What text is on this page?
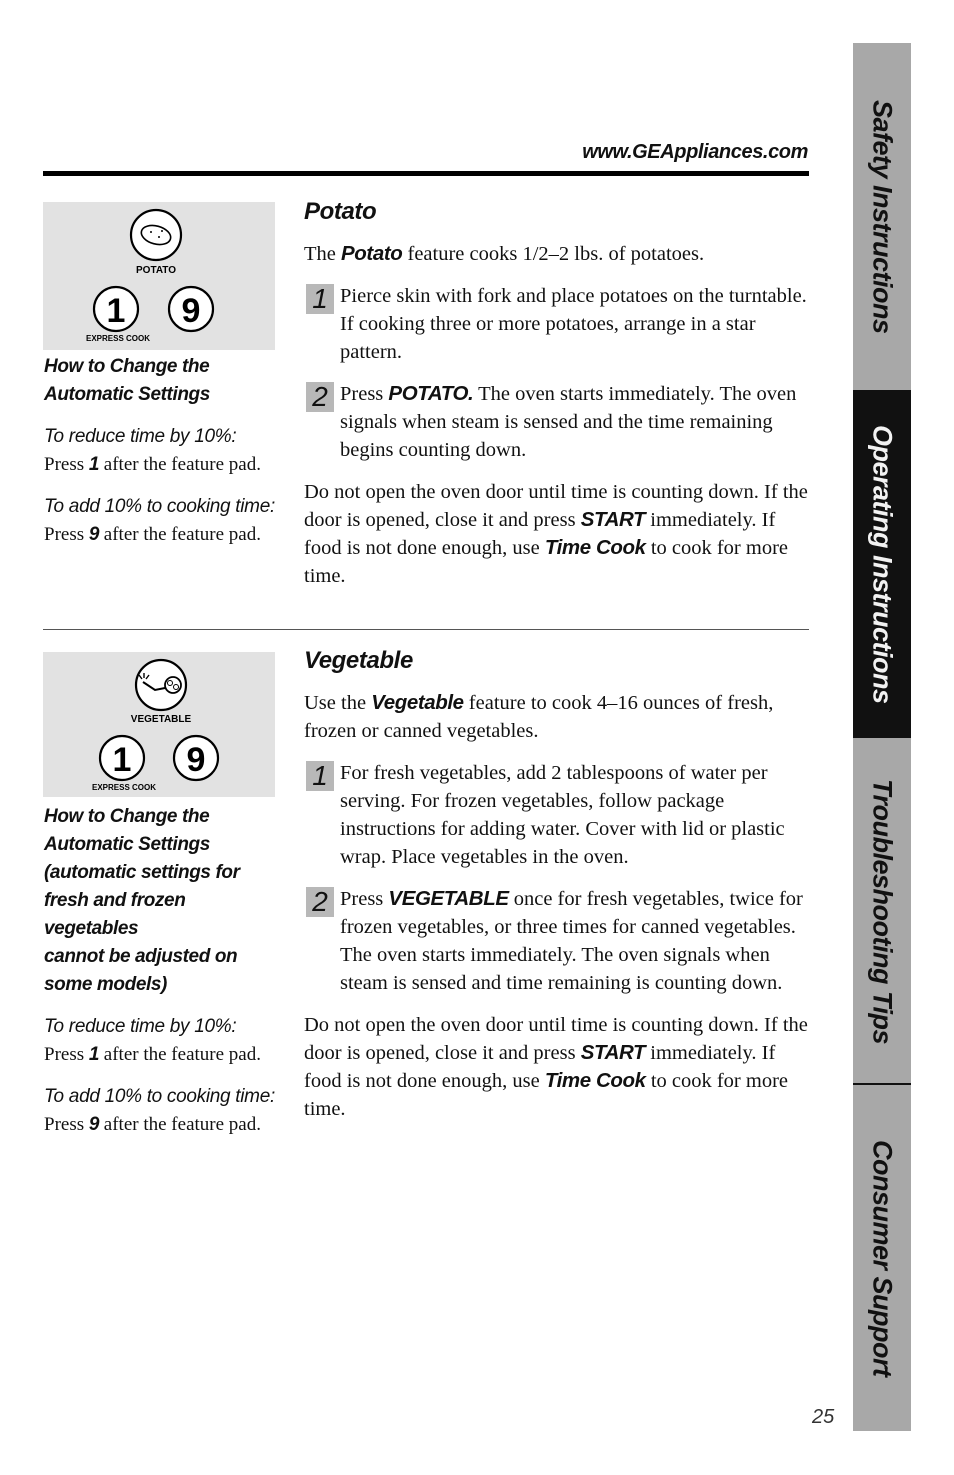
www.GEAppliances.com
POTATO
1 9
EXPRESS COOK

How to Change the
Automatic Settings

To reduce time by 10%:

Press 1 after the feature pad.

To add 10% to cooking time:

Press 9 after the feature pad.

Potato

The Potato feature cooks 1/2–2 lbs. of potatoes.

1 Pierce skin with fork and place potatoes on the turntable. If cooking three or more potatoes, arrange in a star pattern.

2 Press POTATO. The oven starts immediately. The oven signals when steam is sensed and the time remaining begins counting down.

Do not open the oven door until time is counting down. If the door is opened, close it and press START immediately. If food is not done enough, use Time Cook to cook for more time.

VEGETABLE
1 9
EXPRESS COOK

How to Change the
Automatic Settings
(automatic settings for
fresh and frozen vegetables
cannot be adjusted on
some models)

To reduce time by 10%:

Press 1 after the feature pad.

To add 10% to cooking time:

Press 9 after the feature pad.

Vegetable

Use the Vegetable feature to cook 4–16 ounces of fresh, frozen or canned vegetables.

1 For fresh vegetables, add 2 tablespoons of water per serving. For frozen vegetables, follow package instructions for adding water. Cover with lid or plastic wrap. Place vegetables in the oven.

2 Press VEGETABLE once for fresh vegetables, twice for frozen vegetables, or three times for canned vegetables. The oven starts immediately. The oven signals when steam is sensed and time remaining is counting down.

Do not open the oven door until time is counting down. If the door is opened, close it and press START immediately. If food is not done enough, use Time Cook to cook for more time.

Safety Instructions
Operating Instructions
Troubleshooting Tips
Consumer Support
25
